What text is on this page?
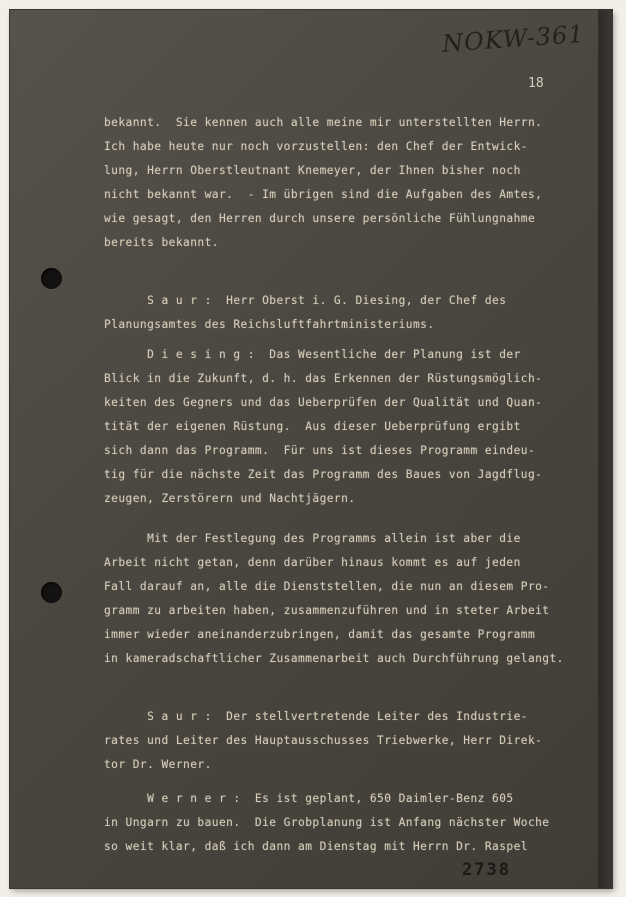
NOKW-361
18
bekannt.  Sie kennen auch alle meine mir unterstellten Herrn.
Ich habe heute nur noch vorzustellen: den Chef der Entwick-
lung, Herrn Oberstleutnant Knemeyer, der Ihnen bisher noch
nicht bekannt war.  - Im übrigen sind die Aufgaben des Amtes,
wie gesagt, den Herren durch unsere persönliche Fühlungnahme
bereits bekannt.
S a u r :  Herr Oberst i. G. Diesing, der Chef des
Planungsamtes des Reichsluftfahrtministeriums.
D i e s i n g :  Das Wesentliche der Planung ist der
Blick in die Zukunft, d. h. das Erkennen der Rüstungsmöglich-
keiten des Gegners und das Ueberprüfen der Qualität und Quan-
tität der eigenen Rüstung.  Aus dieser Ueberprüfung ergibt
sich dann das Programm.  Für uns ist dieses Programm eindeu-
tig für die nächste Zeit das Programm des Baues von Jagdflug-
zeugen, Zerstörern und Nachtjägern.
Mit der Festlegung des Programms allein ist aber die
Arbeit nicht getan, denn darüber hinaus kommt es auf jeden
Fall darauf an, alle die Dienststellen, die nun an diesem Pro-
gramm zu arbeiten haben, zusammenzuführen und in steter Arbeit
immer wieder aneinanderzubringen, damit das gesamte Programm
in kameradschaftlicher Zusammenarbeit auch Durchführung gelangt.
S a u r :  Der stellvertretende Leiter des Industrie-
rates und Leiter des Hauptausschusses Triebwerke, Herr Direk-
tor Dr. Werner.
W e r n e r :  Es ist geplant, 650 Daimler-Benz 605
in Ungarn zu bauen.  Die Grobplanung ist Anfang nächster Woche
so weit klar, daß ich dann am Dienstag mit Herrn Dr. Raspel
2738
